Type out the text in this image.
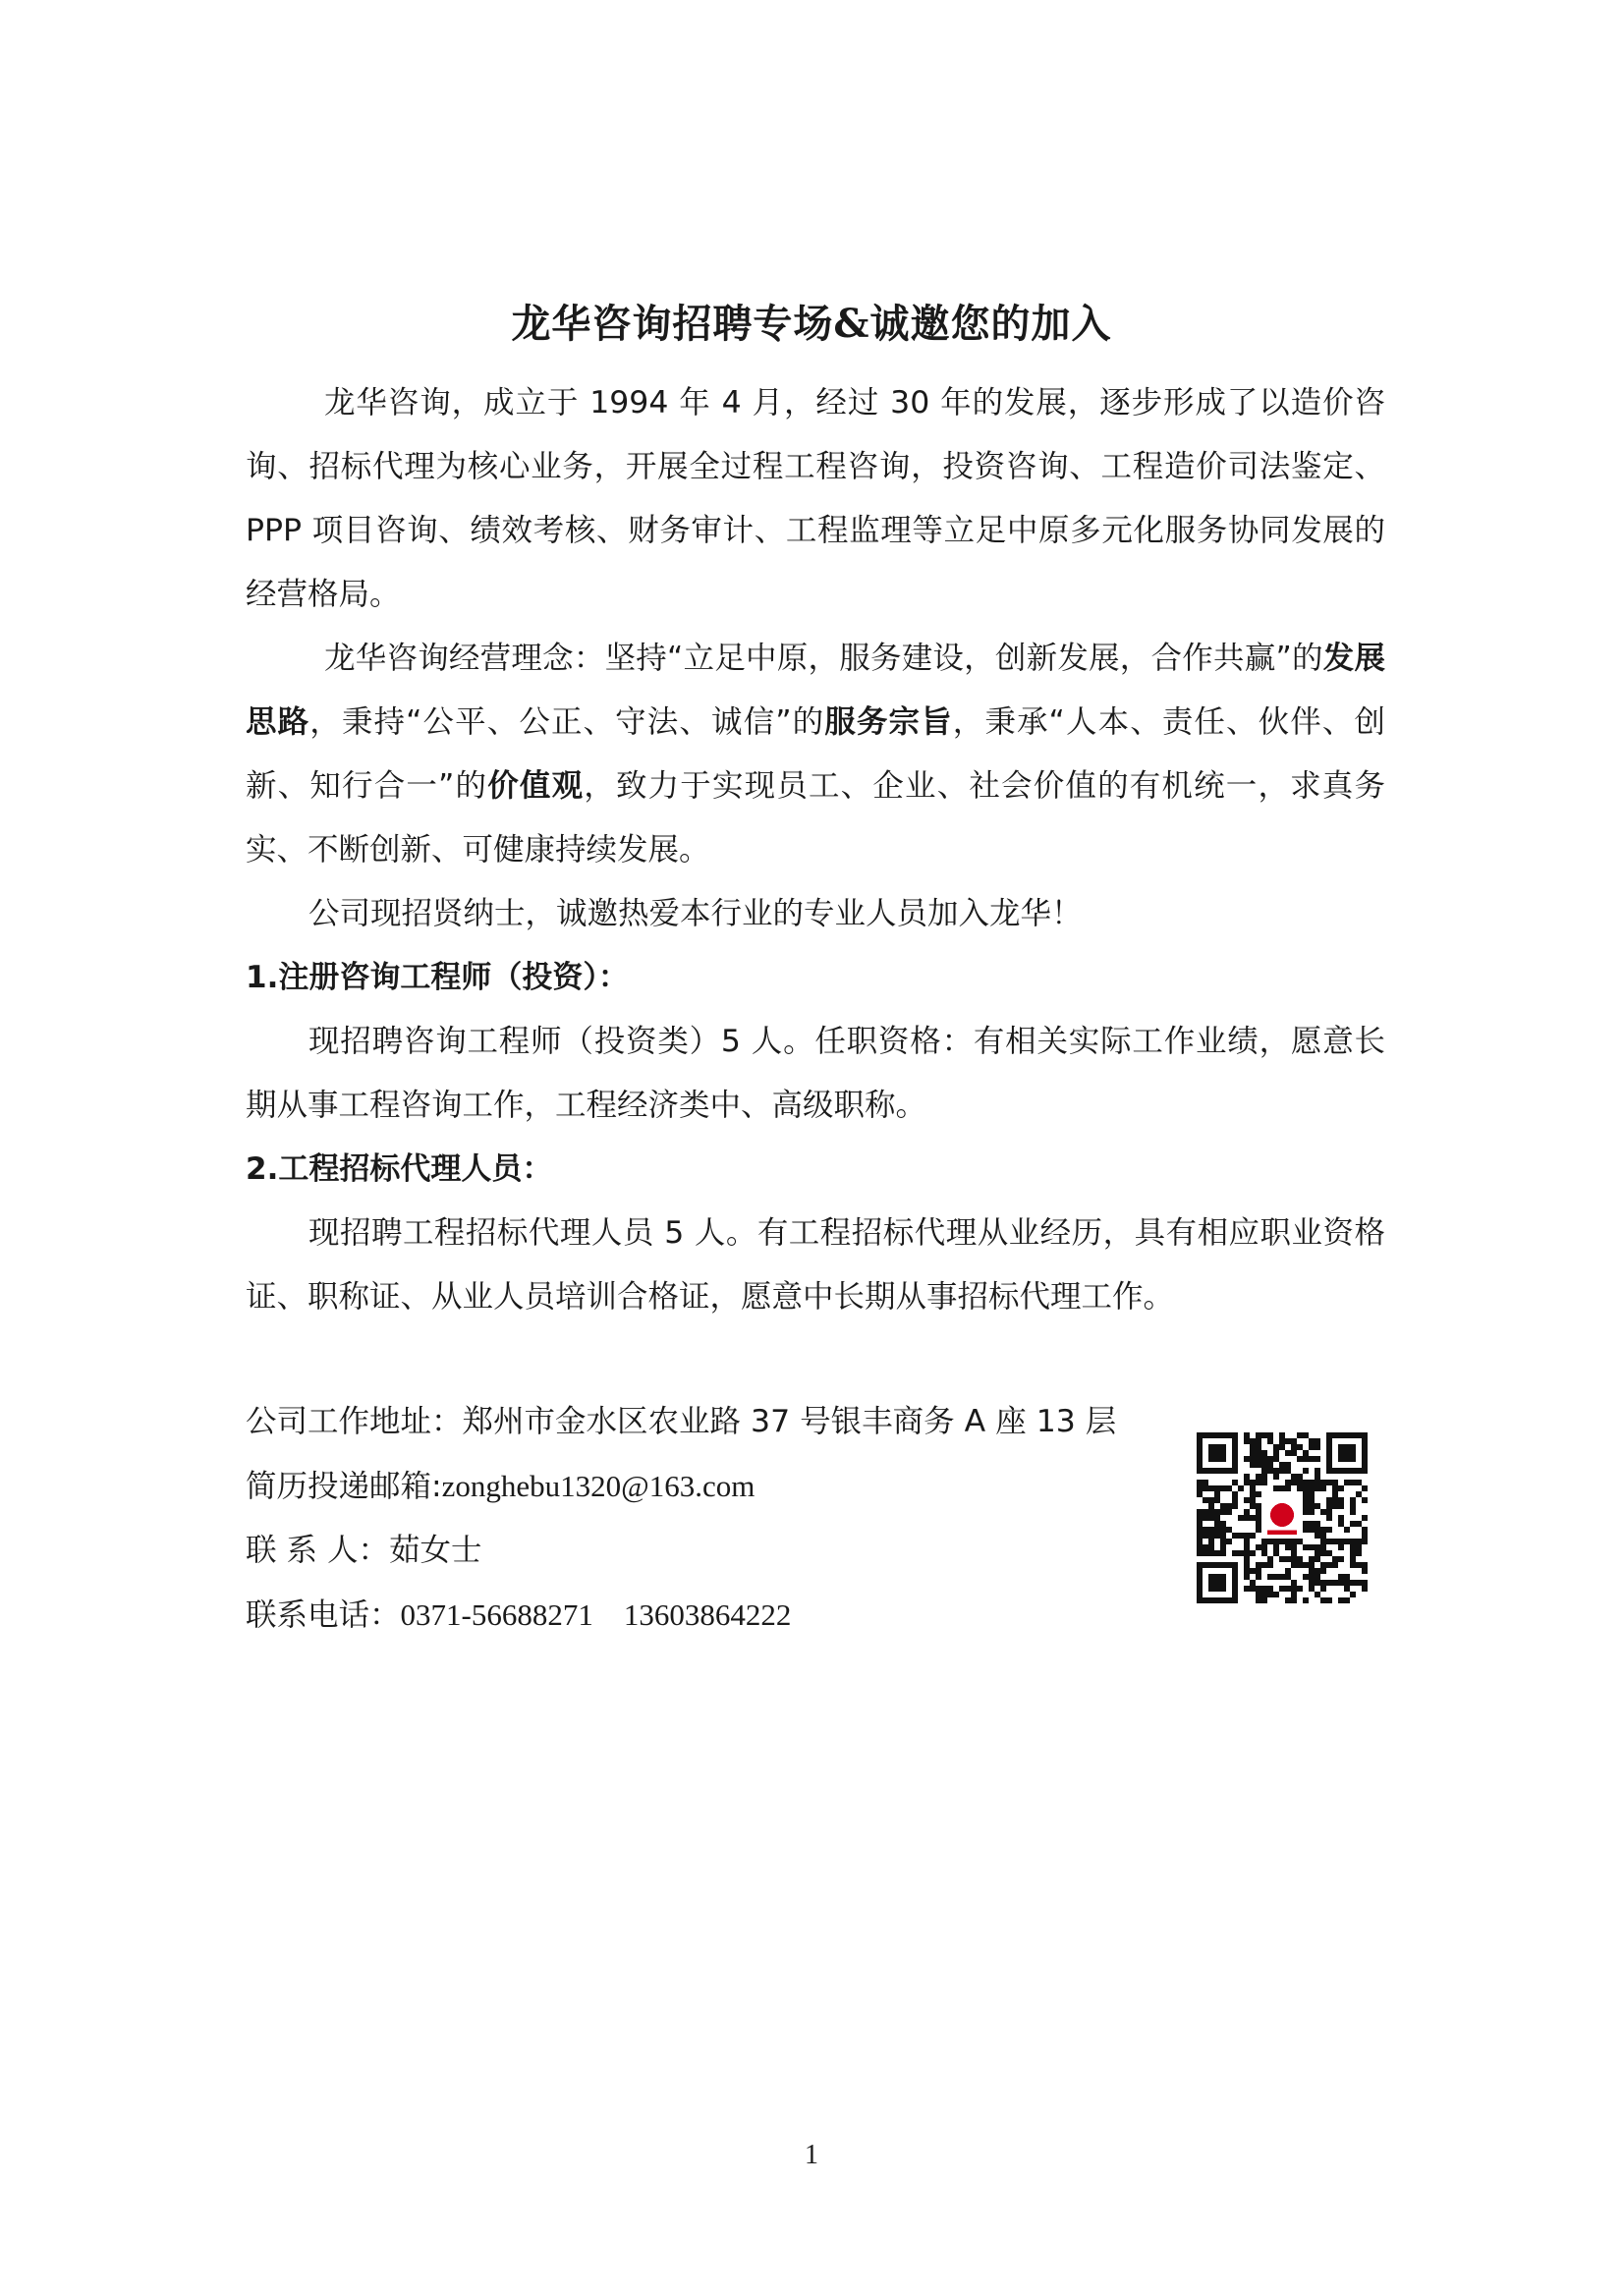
龙华咨询招聘专场&诚邀您的加入

龙华咨询，成立于 1994 年 4 月，经过 30 年的发展，逐步形成了以造价咨询、招标代理为核心业务，开展全过程工程咨询，投资咨询、工程造价司法鉴定、PPP 项目咨询、绩效考核、财务审计、工程监理等立足中原多元化服务协同发展的经营格局。

龙华咨询经营理念：坚持“立足中原，服务建设，创新发展，合作共赢”的发展思路，秉持“公平、公正、守法、诚信”的服务宗旨，秉承“人本、责任、伙伴、创新、知行合一”的价值观，致力于实现员工、企业、社会价值的有机统一，求真务实、不断创新、可健康持续发展。

公司现招贤纳士，诚邀热爱本行业的专业人员加入龙华！

1.注册咨询工程师（投资）：

现招聘咨询工程师（投资类）5 人。任职资格：有相关实际工作业绩，愿意长期从事工程咨询工作，工程经济类中、高级职称。

2.工程招标代理人员：

现招聘工程招标代理人员 5 人。有工程招标代理从业经历，具有相应职业资格证、职称证、从业人员培训合格证，愿意中长期从事招标代理工作。

公司工作地址：郑州市金水区农业路 37 号银丰商务 A 座 13 层
简历投递邮箱:zonghebu1320@163.com
联 系 人：茹女士
联系电话：0371-56688271    13603864222
1
